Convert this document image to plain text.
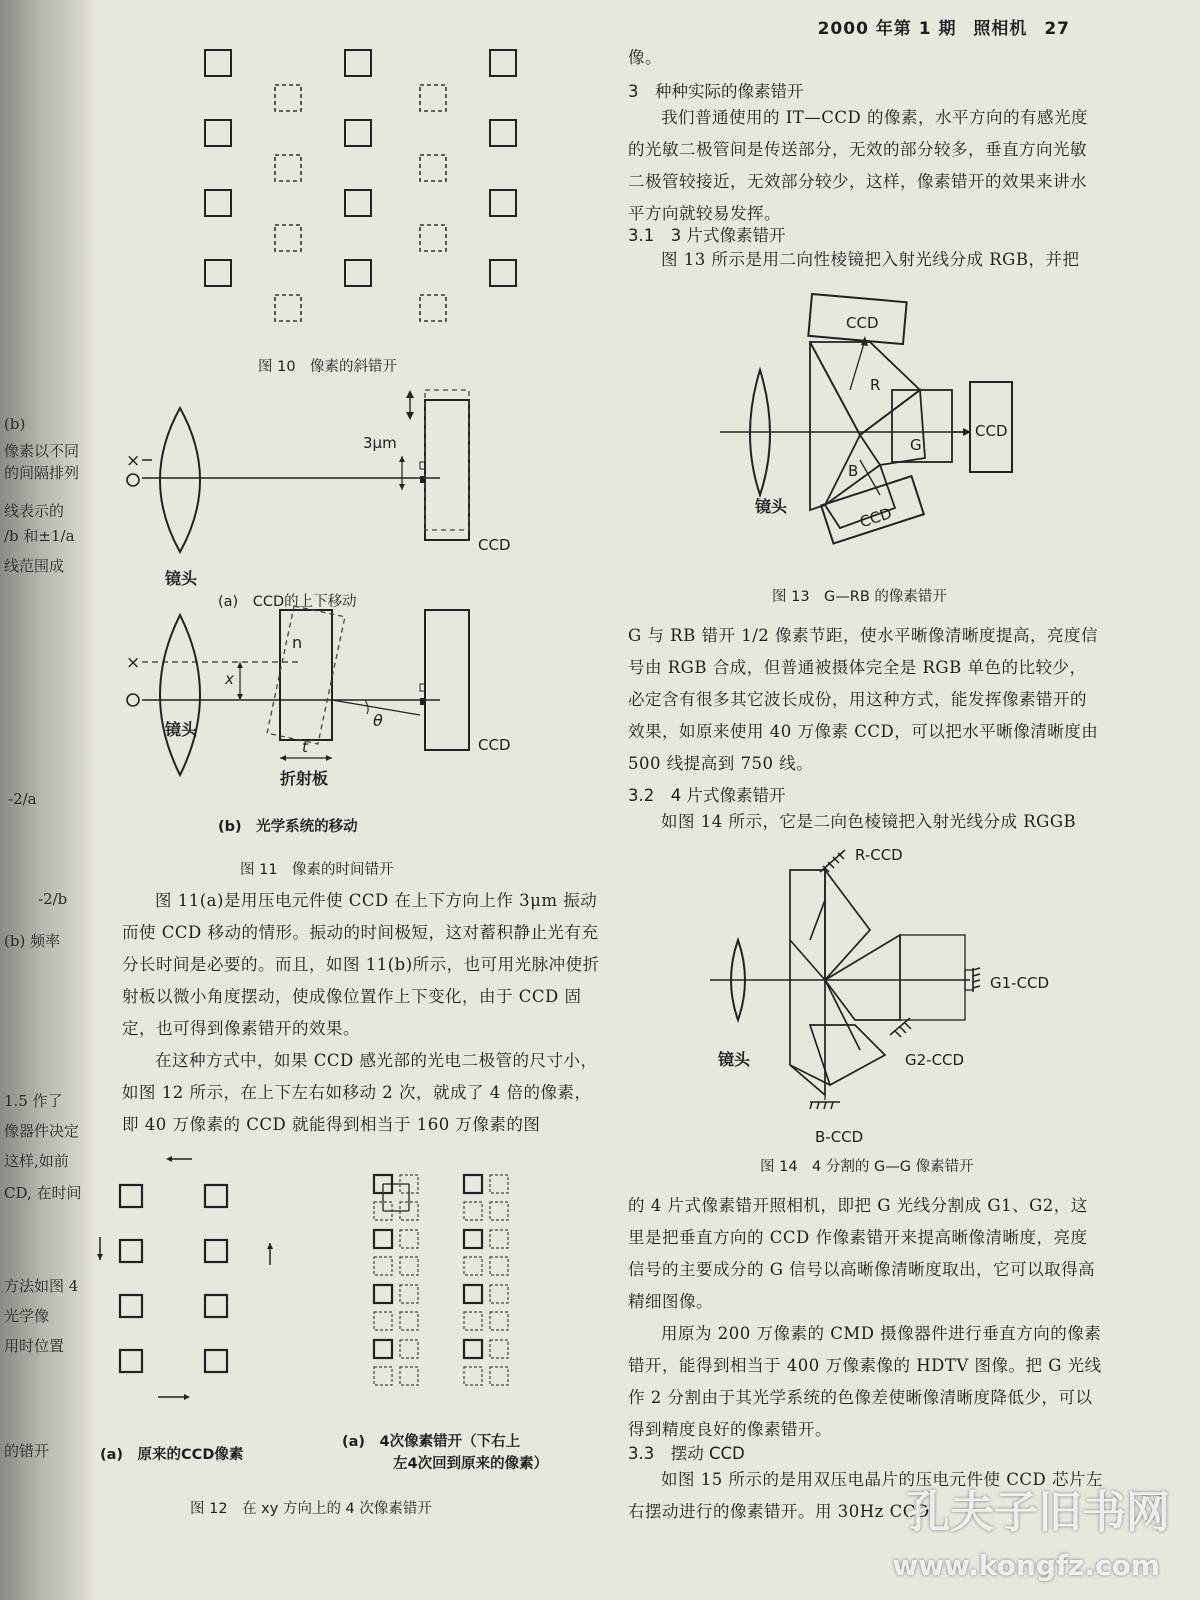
(b)
像素以不同
的间隔排列
线表示的
/b 和±1/a
线范围成
-2/a
-2/b
(b) 频率
1.5 作了
像器件决定
这样,如前
CD, 在时间
方法如图 4
光学像
用时位置
的错开
2000 年第 1 期 照相机 27
图 10　像素的斜错开
×
3μm
镜头
CCD
(a)　CCD的上下移动
×
n
x
θ
t
折射板
镜头
CCD
(b)　光学系统的移动
图 11　像素的时间错开

图 11(a)是用压电元件使 CCD 在上下方向上作 3μm 振动而使 CCD 移动的情形。振动的时间极短，这对蓄积静止光有充分长时间是必要的。而且，如图 11(b)所示，也可用光脉冲使折射板以微小角度摆动，使成像位置作上下变化，由于 CCD 固定，也可得到像素错开的效果。

在这种方式中，如果 CCD 感光部的光电二极管的尺寸小，如图 12 所示，在上下左右如移动 2 次，就成了 4 倍的像素，即 40 万像素的 CCD 就能得到相当于 160 万像素的图

(a)　原来的CCD像素
(a)　4次像素错开（下右上
左4次回到原来的像素）
图 12　在 xy 方向上的 4 次像素错开
像。
3　种种实际的像素错开

我们普通使用的 IT—CCD 的像素，水平方向的有感光度的光敏二极管间是传送部分，无效的部分较多，垂直方向光敏二极管较接近，无效部分较少，这样，像素错开的效果来讲水平方向就较易发挥。

3.1　3 片式像素错开

图 13 所示是用二向性棱镜把入射光线分成 RGB，并把

CCD
R
G
B
CCD
CCD
镜头
图 13　G—RB 的像素错开

G 与 RB 错开 1/2 像素节距，使水平晰像清晰度提高，亮度信号由 RGB 合成，但普通被摄体完全是 RGB 单色的比较少，必定含有很多其它波长成份，用这种方式，能发挥像素错开的效果，如原来使用 40 万像素 CCD，可以把水平晰像清晰度由 500 线提高到 750 线。

3.2　4 片式像素错开

如图 14 所示，它是二向色棱镜把入射光线分成 RGGB

R-CCD
G1-CCD
G2-CCD
B-CCD
镜头
图 14　4 分割的 G—G 像素错开

的 4 片式像素错开照相机，即把 G 光线分割成 G1、G2，这里是把垂直方向的 CCD 作像素错开来提高晰像清晰度，亮度信号的主要成分的 G 信号以高晰像清晰度取出，它可以取得高精细图像。

用原为 200 万像素的 CMD 摄像器件进行垂直方向的像素错开，能得到相当于 400 万像素像的 HDTV 图像。把 G 光线作 2 分割由于其光学系统的色像差使晰像清晰度降低少，可以得到精度良好的像素错开。

3.3　摆动 CCD

如图 15 所示的是用双压电晶片的压电元件使 CCD 芯片左右摆动进行的像素错开。用 30Hz CCD

孔夫子旧书网
www.kongfz.com
